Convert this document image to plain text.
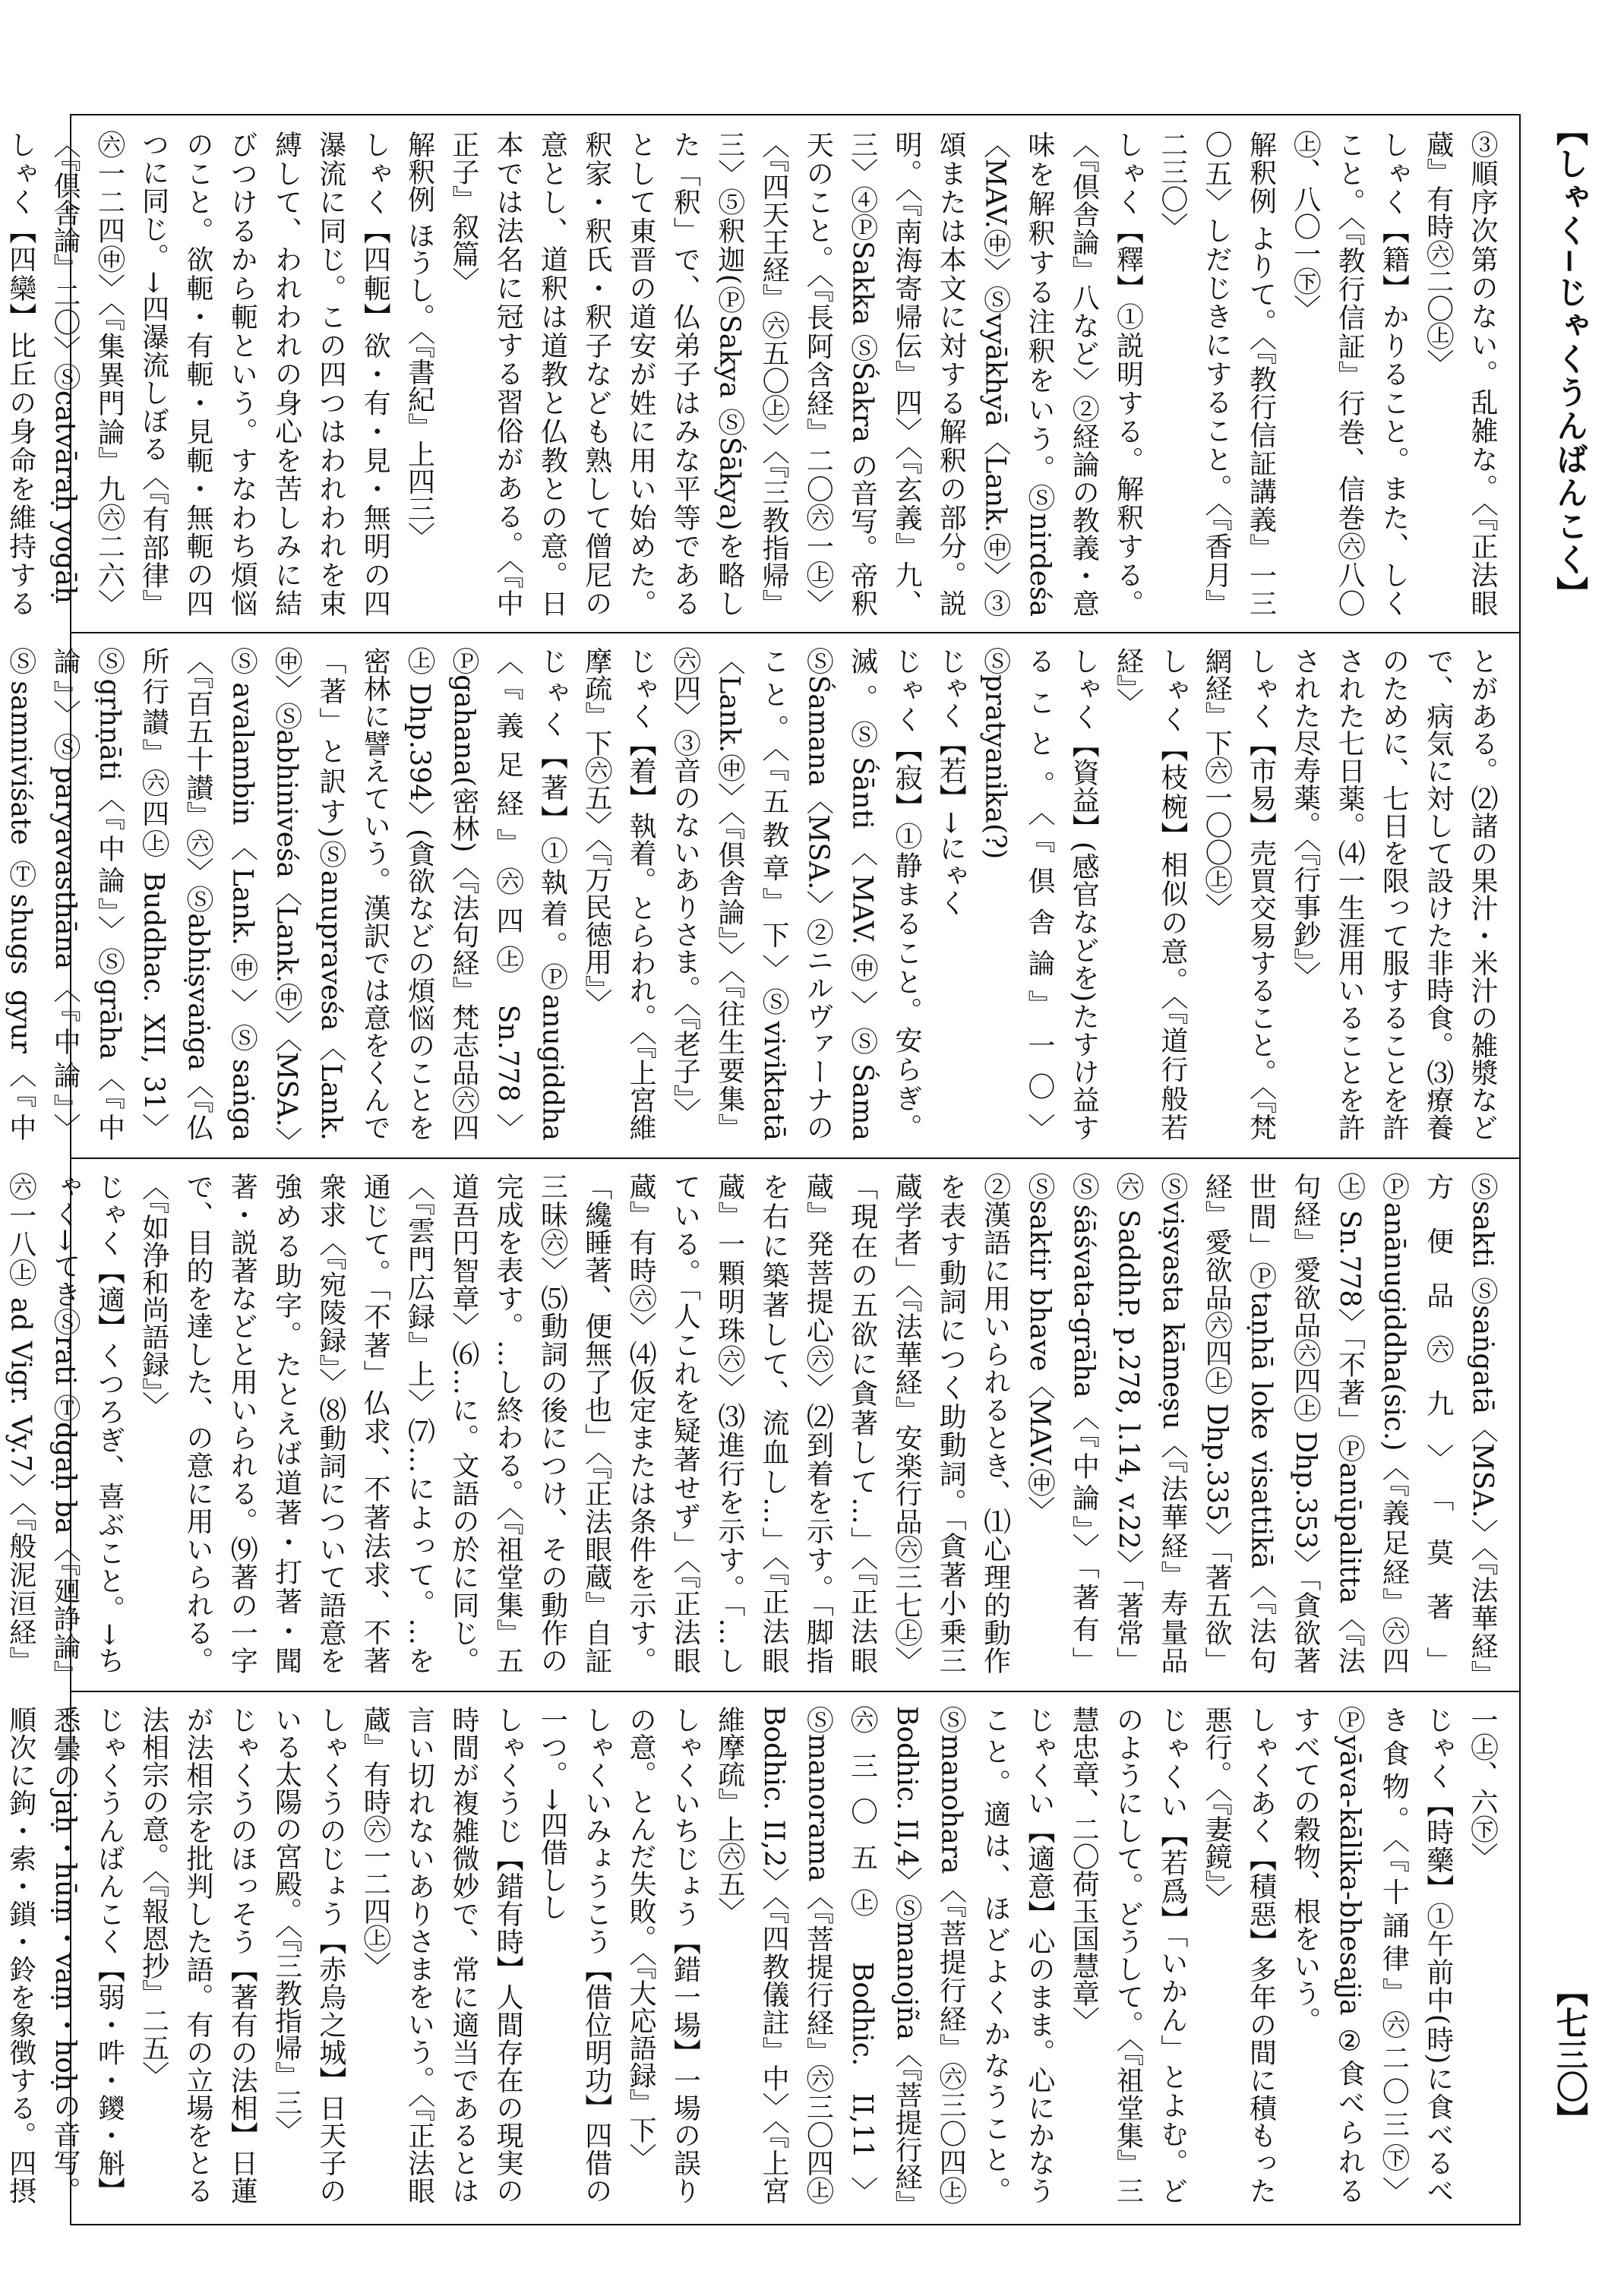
【しゃく−じゃくうんばんこく】
【七三〇】

③順序次第のない。乱雑な。〈『正法眼蔵』有時㊅二〇㊤〉

しゃく【籍】かりること。また、しくこと。〈『教行信証』行巻、信巻㊅八〇㊤、八〇一㊦〉

解釈例 よりて。〈『教行信証講義』一三〇五〉しだじきにすること。〈『香月』二三〇〉

しゃく【釋】①説明する。解釈する。〈『倶舎論』八など〉②経論の教義・意味を解釈する注釈をいう。Ⓢnirdeśa〈MAV.㊥〉Ⓢvyākhyā〈Lank.㊥〉③頌または本文に対する解釈の部分。説明。〈『南海寄帰伝』四〉〈『玄義』九、三〉④ⓅSakka ⓈŚakra の音写。帝釈天のこと。〈『長阿含経』二〇㊅一㊤〉〈『四天王経』㊅五〇㊤〉〈『三教指帰』三〉⑤釈迦(ⓅSakya ⓈŚākya)を略した「釈」で、仏弟子はみな平等であるとして東晋の道安が姓に用い始めた。釈家・釈氏・釈子なども熟して僧尼の意とし、道釈は道教と仏教との意。日本では法名に冠する習俗がある。〈『中正子』叙篇〉

解釈例 ほうし。〈『書紀』上四三〉

しゃく【四軛】欲・有・見・無明の四瀑流に同じ。この四つはわれわれを束縛して、われわれの身心を苦しみに結びつけるから軛という。すなわち煩悩のこと。欲軛・有軛・見軛・無軛の四つに同じ。→四瀑流しぼる〈『有部律』㊅一二四㊥〉〈『集異門論』九㊅二六〉〈『倶舎論』二〇〉Ⓢcatvāraḥ yogāḥ

しゃく【四欒】比丘の身命を維持する

とがある。⑵諸の果汁・米汁の雑漿などで、病気に対して設けた非時食。⑶療養のために、七日を限って服することを許された七日薬。⑷一生涯用いることを許された尽寿薬。〈『行事鈔』〉

しゃく【市易】売買交易すること。〈『梵網経』下㊅一〇〇㊤〉

しゃく【枝椀】相似の意。〈『道行般若経』〉

しゃく【資益】(感官などを)たすけ益すること。〈『倶舎論』一〇〉Ⓢpratyanika(?)

じゃく【若】→にゃく

じゃく【寂】①静まること。安らぎ。滅。ⓈŚānti〈MAV.㊥〉ⓈŚama ⓈŚamana〈MSA.〉②ニルヴァーナのこと。〈『五教章』下〉Ⓢviviktatā〈Lank.㊥〉〈『倶舎論』〉〈『往生要集』㊅四〉③音のないありさま。〈『老子』〉

じゃく【着】執着。とらわれ。〈『上宮維摩疏』下㊅五〉〈『万民徳用』〉

じゃく【著】①執着。Ⓟanugiddha〈『義足経』㊅四㊤ Sn.778〉Ⓟgahana(密林)〈『法句経』梵志品㊅四㊤ Dhp.394〉(貪欲などの煩悩のことを密林に譬えていう。漢訳では意をくんで「著」と訳す)Ⓢanupraveśa〈Lank.㊥〉Ⓢabhiniveśa〈Lank.㊥〉〈MSA.〉Ⓢavalambin〈Lank.㊥〉Ⓢsaṅga〈『百五十讃』㊅〉Ⓢabhiṣvaṅga〈『仏所行讃』㊅四㊤ Buddhac. XII, 31〉Ⓢgṛhṇāti〈『中論』〉Ⓢgrāha〈『中論』〉Ⓢparyavasthāna〈『中論』〉Ⓢsamniviśate Ⓣshugs gyur〈『中

Ⓢsakti Ⓢsaṅgatā〈MSA.〉〈『法華経』方便品㊅九〉「莫著」Ⓟanānugiddha(sic.)〈『義足経』㊅四㊤ Sn.778〉「不著」Ⓟanūpalitta〈『法句経』愛欲品㊅四㊤ Dhp.353〉「貪欲著世間」Ⓟtaṇhā loke visattikā〈『法句経』愛欲品㊅四㊤ Dhp.335〉「著五欲」Ⓢviṣvasta kāmeṣu〈『法華経』寿量品㊅ SaddhP. p.278, l.14, v.22〉「著常」Ⓢśāśvata-grāha〈『中論』〉「著有」Ⓢsaktir bhave〈MAV.㊥〉

②漢語に用いられるとき、⑴心理的動作を表す動詞につく助動詞。「貪著小乗三蔵学者」〈『法華経』安楽行品㊅三七㊤〉「現在の五欲に貪著して…」〈『正法眼蔵』発菩提心㊅〉⑵到着を示す。「脚指を右に築著して、流血し…」〈『正法眼蔵』一顆明珠㊅〉⑶進行を示す。「…している。「人これを疑著せず」〈『正法眼蔵』有時㊅〉⑷仮定または条件を示す。「纔睡著、便無了也」〈『正法眼蔵』自証三昧㊅〉⑸動詞の後につけ、その動作の完成を表す。…し終わる。〈『祖堂集』五道吾円智章〉⑹…に。文語の於に同じ。〈『雲門広録』上〉⑺…によって。…を通じて。「不著」仏求、不著法求、不著衆求〈『宛陵録』〉⑻動詞について語意を強める助字。たとえば道著・打著・聞著・説著などと用いられる。⑼著の一字で、目的を達した、の意に用いられる。〈『如浄和尚語録』〉

じゃく【適】くつろぎ、喜ぶこと。→ちゃく→てきⓈrati Ⓣdgaḥ ba〈『廻諍論』㊅一八㊤ ad Vigr. Vy.7〉〈『般泥洹経』

一㊤、六㊦〉

じゃく【時藥】①午前中(時)に食べるべき食物。〈『十誦律』㊅二〇三㊦〉Ⓟyāva-kālika-bhesajja ②食べられるすべての穀物、根をいう。

しゃくあく【積惡】多年の間に積もった悪行。〈『妻鏡』〉

じゃくい【若爲】「いかん」とよむ。どのようにして。どうして。〈『祖堂集』三慧忠章、二〇荷玉国慧章〉

じゃくい【適意】心のまま。心にかなうこと。適は、ほどよくかなうこと。Ⓢmanohara〈『菩提行経』㊅三〇四㊤ Bodhic. II,4〉Ⓢmanojña〈『菩提行経』㊅三〇五㊤ Bodhic. II,11〉Ⓢmanorama〈『菩提行経』㊅三〇四㊤ Bodhic. II,2〉〈『四教儀註』中〉〈『上宮維摩疏』上㊅五〉

しゃくいちじょう【錯一場】一場の誤りの意。とんだ失敗。〈『大応語録』下〉

しゃくいみょうこう【借位明功】四借の一つ。→四借しし

しゃくうじ【錯有時】人間存在の現実の時間が複雑微妙で、常に適当であるとは言い切れないありさまをいう。〈『正法眼蔵』有時㊅一二四㊤〉

しゃくうのじょう【赤烏之城】日天子のいる太陽の宮殿。〈『三教指帰』三〉

じゃくうのほっそう【著有の法相】日蓮が法相宗を批判した語。有の立場をとる法相宗の意。〈『報恩抄』二五〉

じゃくうんばんこく【弱・吽・鑁・斛】悉曇のjaḥ・hūṃ・vaṃ・hoḥの音写。順次に鉤・索・鎖・鈴を象徴する。四摂
